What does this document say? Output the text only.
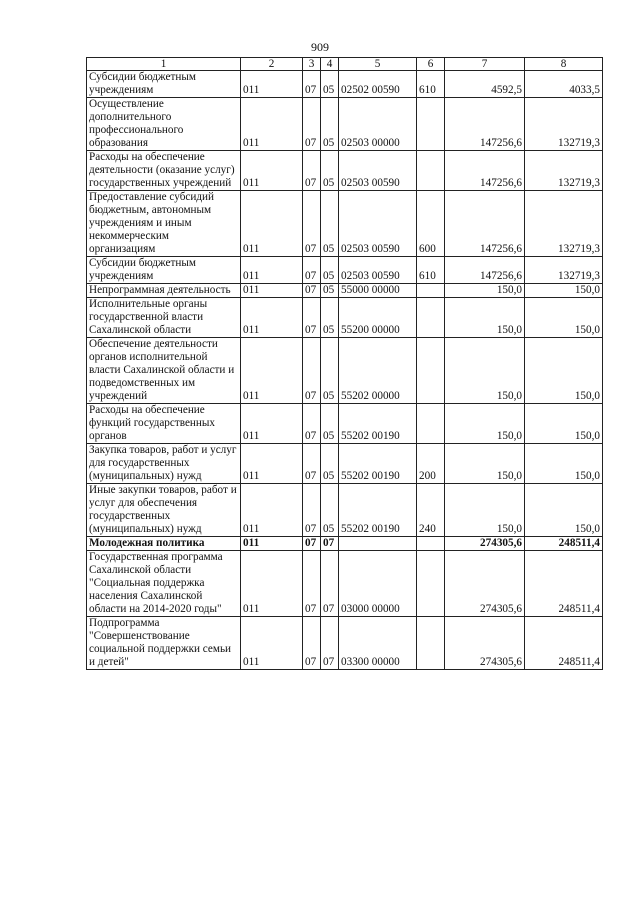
909
1	2	3	4	5	6	7	8
Субсидии бюджетным учреждениям	011	07	05	02502 00590	610	4592,5	4033,5
Осуществление дополнительного профессионального образования	011	07	05	02503 00000		147256,6	132719,3
Расходы на обеспечение деятельности (оказание услуг) государственных учреждений	011	07	05	02503 00590		147256,6	132719,3
Предоставление субсидий бюджетным, автономным учреждениям и иным некоммерческим организациям	011	07	05	02503 00590	600	147256,6	132719,3
Субсидии бюджетным учреждениям	011	07	05	02503 00590	610	147256,6	132719,3
Непрограммная деятельность	011	07	05	55000 00000		150,0	150,0
Исполнительные органы государственной власти Сахалинской области	011	07	05	55200 00000		150,0	150,0
Обеспечение деятельности органов исполнительной власти Сахалинской области и подведомственных им учреждений	011	07	05	55202 00000		150,0	150,0
Расходы на обеспечение функций государственных органов	011	07	05	55202 00190		150,0	150,0
Закупка товаров, работ и услуг для государственных (муниципальных) нужд	011	07	05	55202 00190	200	150,0	150,0
Иные закупки товаров, работ и услуг для обеспечения государственных (муниципальных) нужд	011	07	05	55202 00190	240	150,0	150,0
Молодежная политика	011	07	07			274305,6	248511,4
Государственная программа Сахалинской области "Социальная поддержка населения Сахалинской области на 2014-2020 годы"	011	07	07	03000 00000		274305,6	248511,4
Подпрограмма "Совершенствование социальной поддержки семьи и детей"	011	07	07	03300 00000		274305,6	248511,4
